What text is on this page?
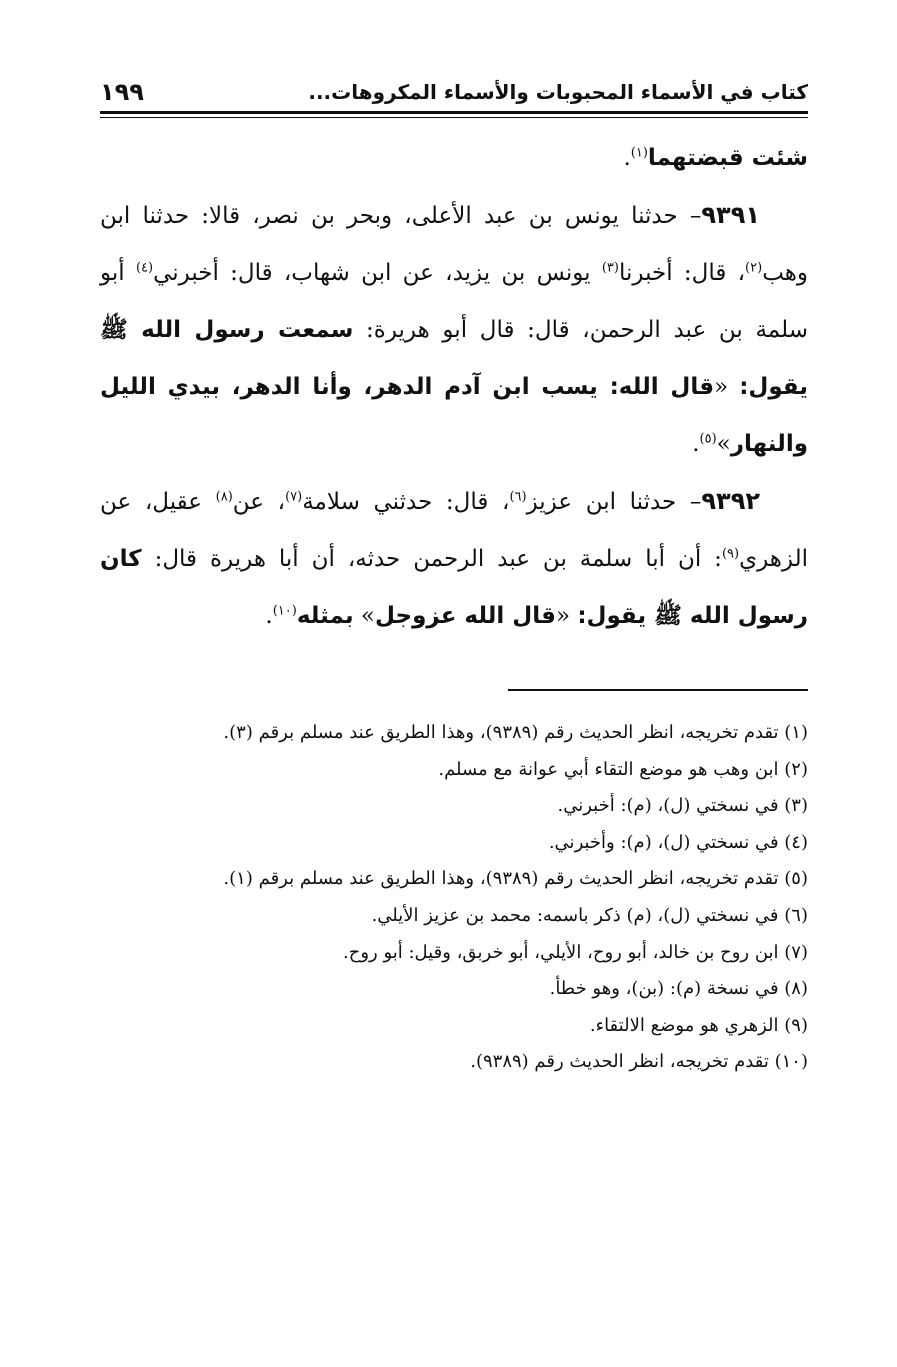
كتاب في الأسماء المحبوبات والأسماء المكروهات...
١٩٩

شئت قبضتهما$^{(١)}$.

٩٣٩١– حدثنا يونس بن عبد الأعلى، وبحر بن نصر، قالا: حدثنا ابن وهب$^{(٢)}$، قال: أخبرنا$^{(٣)}$ يونس بن يزيد، عن ابن شهاب، قال: أخبرني$^{(٤)}$ أبو سلمة بن عبد الرحمن، قال: قال أبو هريرة: سمعت رسول الله ﷺ يقول: «قال الله: يسب ابن آدم الدهر، وأنا الدهر، بيدي الليل والنهار»$^{(٥)}$.

٩٣٩٢– حدثنا ابن عزيز$^{(٦)}$، قال: حدثني سلامة$^{(٧)}$، عن$^{(٨)}$ عقيل، عن الزهري$^{(٩)}$: أن أبا سلمة بن عبد الرحمن حدثه، أن أبا هريرة قال: كان رسول الله ﷺ يقول: «قال الله عزوجل» بمثله$^{(١٠)}$.

(١) تقدم تخريجه، انظر الحديث رقم (٩٣٨٩)، وهذا الطريق عند مسلم برقم (٣).

(٢) ابن وهب هو موضع التقاء أبي عوانة مع مسلم.

(٣) في نسختي (ل)، (م): أخبرني.

(٤) في نسختي (ل)، (م): وأخبرني.

(٥) تقدم تخريجه، انظر الحديث رقم (٩٣٨٩)، وهذا الطريق عند مسلم برقم (١).

(٦) في نسختي (ل)، (م) ذكر باسمه: محمد بن عزيز الأيلي.

(٧) ابن روح بن خالد، أبو روح، الأيلي، أبو خربق، وقيل: أبو روح.

(٨) في نسخة (م): (بن)، وهو خطأ.

(٩) الزهري هو موضع الالتقاء.

(١٠) تقدم تخريجه، انظر الحديث رقم (٩٣٨٩).
